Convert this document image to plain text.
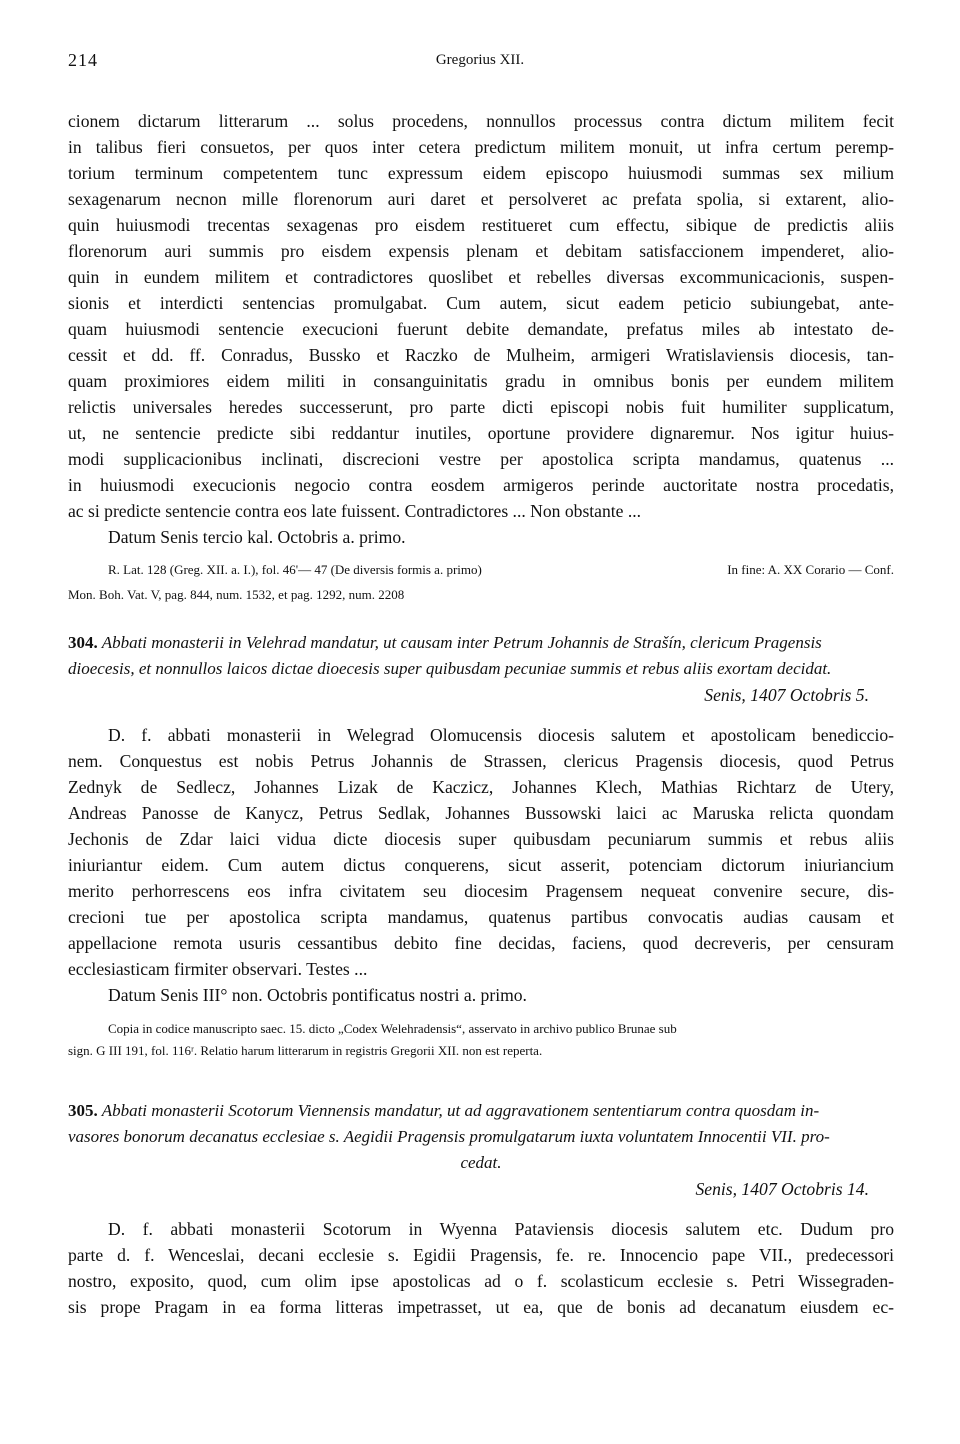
214	Gregorius XII.
cionem dictarum litterarum ... solus procedens, nonnullos processus contra dictum militem fecit
in talibus fieri consuetos, per quos inter cetera predictum militem monuit, ut infra certum peremp-
torium terminum competentem tunc expressum eidem episcopo huiusmodi summas sex milium
sexagenarum necnon mille florenorum auri daret et persolveret ac prefata spolia, si extarent, alio-
quin huiusmodi trecentas sexagenas pro eisdem restitueret cum effectu, sibique de predictis aliis
florenorum auri summis pro eisdem expensis plenam et debitam satisfaccionem impenderet, alio-
quin in eundem militem et contradictores quoslibet et rebelles diversas excommunicacionis, suspen-
sionis et interdicti sentencias promulgabat. Cum autem, sicut eadem peticio subiungebat, ante-
quam huiusmodi sentencie execucioni fuerunt debite demandate, prefatus miles ab intestato de-
cessit et dd. ff. Conradus, Bussko et Raczko de Mulheim, armigeri Wratislaviensis diocesis, tan-
quam proximiores eidem militi in consanguinitatis gradu in omnibus bonis per eundem militem
relictis universales heredes successerunt, pro parte dicti episcopi nobis fuit humiliter supplicatum,
ut, ne sentencie predicte sibi reddantur inutiles, oportune providere dignaremur. Nos igitur huius-
modi supplicacionibus inclinati, discrecioni vestre per apostolica scripta mandamus, quatenus ...
in huiusmodi execucionis negocio contra eosdem armigeros perinde auctoritate nostra procedatis,
ac si predicte sentencie contra eos late fuissent. Contradictores ... Non obstante ...
Datum Senis tercio kal. Octobris a. primo.
R. Lat. 128 (Greg. XII. a. I.), fol. 46'— 47 (De diversis formis a. primo)	In fine: A. XX Corario — Conf.
Mon. Boh. Vat. V, pag. 844, num. 1532, et pag. 1292, num. 2208
304. Abbati monasterii in Velehrad mandatur, ut causam inter Petrum Johannis de Strašín, clericum Pragensis
dioecesis, et nonnullos laicos dictae dioecesis super quibusdam pecuniae summis et rebus aliis exortam decidat.
Senis, 1407 Octobris 5.
D. f. abbati monasterii in Welegrad Olomucensis diocesis salutem et apostolicam benediccio-
nem. Conquestus est nobis Petrus Johannis de Strassen, clericus Pragensis diocesis, quod Petrus
Zednyk de Sedlecz, Johannes Lizak de Kaczicz, Johannes Klech, Mathias Richtarz de Utery,
Andreas Panosse de Kanycz, Petrus Sedlak, Johannes Bussowski laici ac Maruska relicta quondam
Jechonis de Zdar laici vidua dicte diocesis super quibusdam pecuniarum summis et rebus aliis
iniuriantur eidem. Cum autem dictus conquerens, sicut asserit, potenciam dictorum iniuriancium
merito perhorrescens eos infra civitatem seu diocesim Pragensem nequeat convenire secure, dis-
crecioni tue per apostolica scripta mandamus, quatenus partibus convocatis audias causam et
appellacione remota usuris cessantibus debito fine decidas, faciens, quod decreveris, per censuram
ecclesiasticam firmiter observari. Testes ...
Datum Senis III° non. Octobris pontificatus nostri a. primo.
Copia in codice manuscripto saec. 15. dicto „Codex Welehradensis“, asservato in archivo publico Brunae sub
sign. G III 191, fol. 116ʳ. Relatio harum litterarum in registris Gregorii XII. non est reperta.
305. Abbati monasterii Scotorum Viennensis mandatur, ut ad aggravationem sententiarum contra quosdam in-
vasores bonorum decanatus ecclesiae s. Aegidii Pragensis promulgatarum iuxta voluntatem Innocentii VII. pro-
cedat.
Senis, 1407 Octobris 14.
D. f. abbati monasterii Scotorum in Wyenna Pataviensis diocesis salutem etc. Dudum pro
parte d. f. Wenceslai, decani ecclesie s. Egidii Pragensis, fe. re. Innocencio pape VII., predecessori
nostro, exposito, quod, cum olim ipse apostolicas ad o f. scolasticum ecclesie s. Petri Wissegraden-
sis prope Pragam in ea forma litteras impetrasset, ut ea, que de bonis ad decanatum eiusdem ec-
